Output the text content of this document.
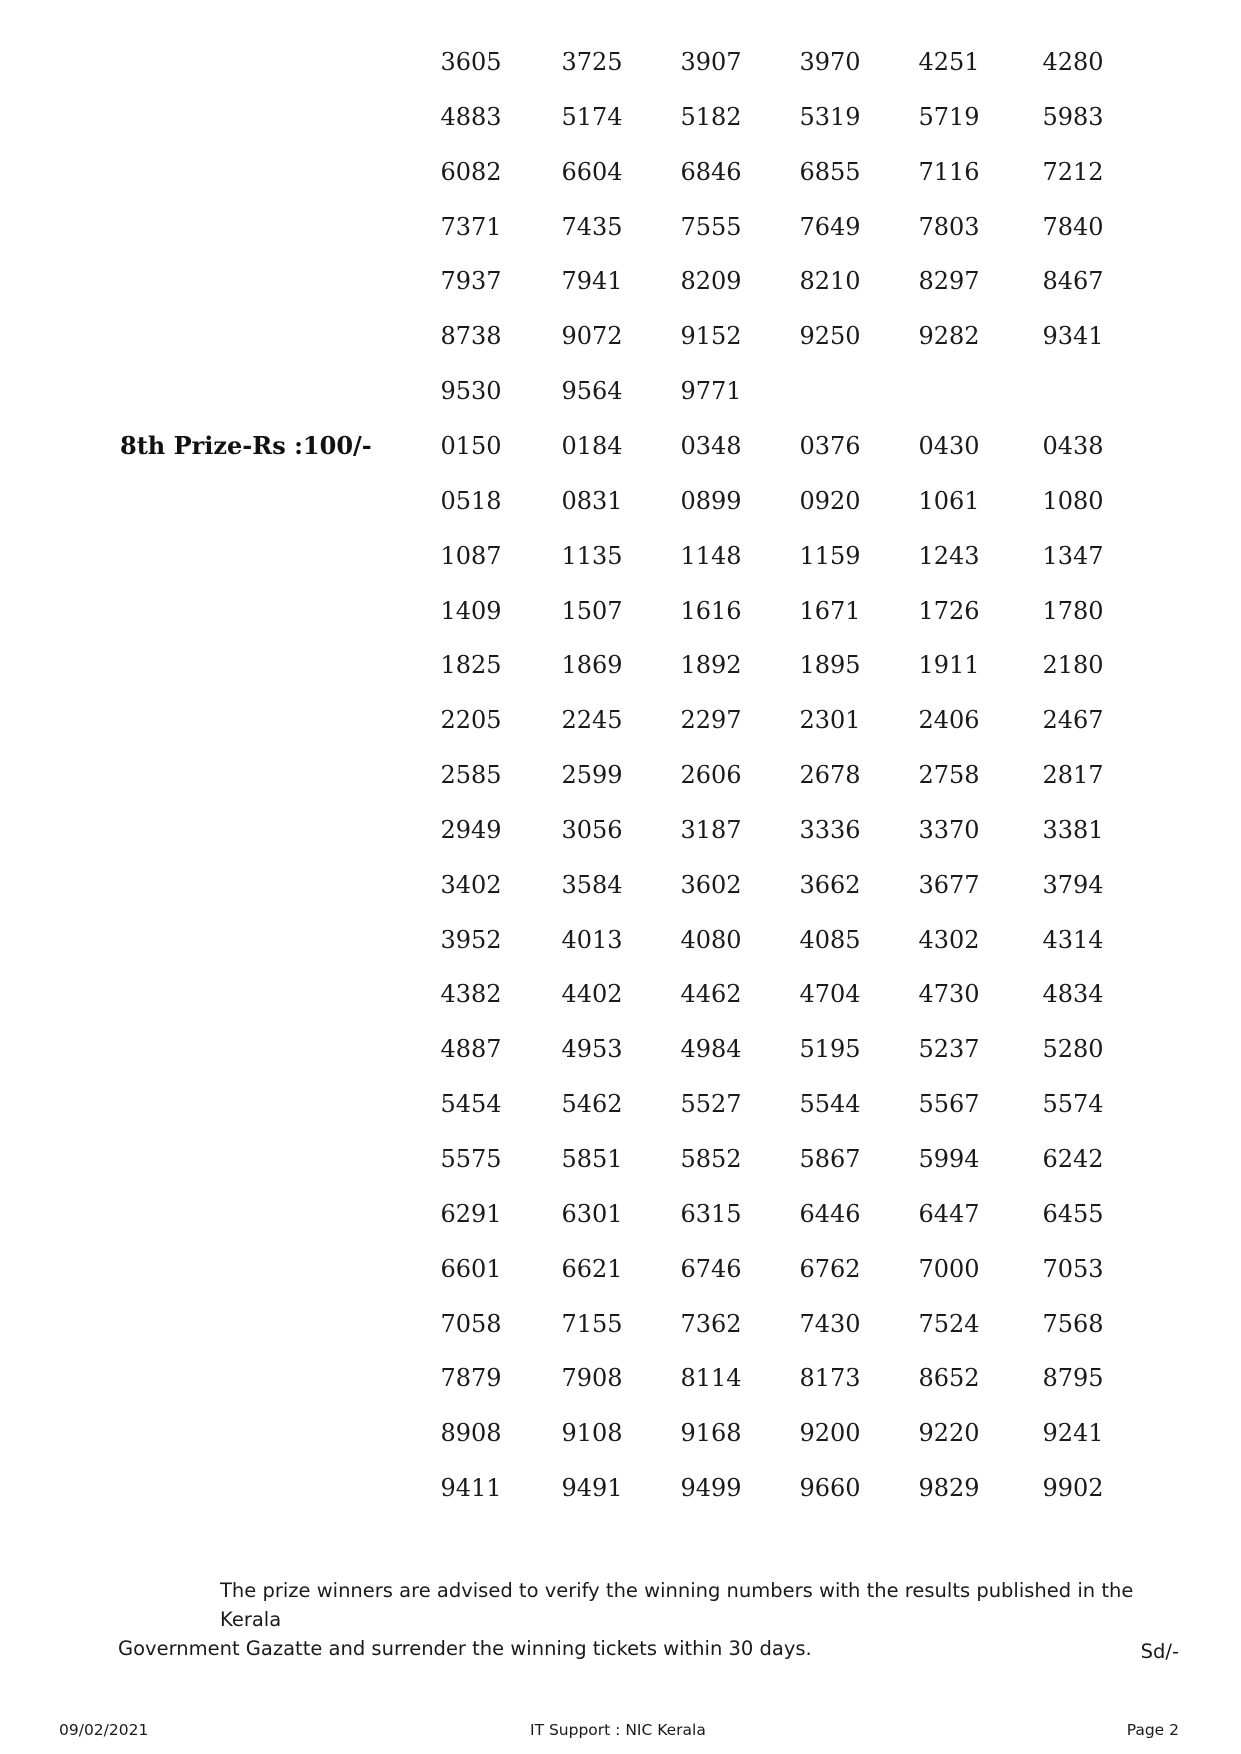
3605	3725	3907	3970	4251	4280
4883	5174	5182	5319	5719	5983
6082	6604	6846	6855	7116	7212
7371	7435	7555	7649	7803	7840
7937	7941	8209	8210	8297	8467
8738	9072	9152	9250	9282	9341
9530	9564	9771
8th Prize-Rs :100/-	0150	0184	0348	0376	0430	0438
0518	0831	0899	0920	1061	1080
1087	1135	1148	1159	1243	1347
1409	1507	1616	1671	1726	1780
1825	1869	1892	1895	1911	2180
2205	2245	2297	2301	2406	2467
2585	2599	2606	2678	2758	2817
2949	3056	3187	3336	3370	3381
3402	3584	3602	3662	3677	3794
3952	4013	4080	4085	4302	4314
4382	4402	4462	4704	4730	4834
4887	4953	4984	5195	5237	5280
5454	5462	5527	5544	5567	5574
5575	5851	5852	5867	5994	6242
6291	6301	6315	6446	6447	6455
6601	6621	6746	6762	7000	7053
7058	7155	7362	7430	7524	7568
7879	7908	8114	8173	8652	8795
8908	9108	9168	9200	9220	9241
9411	9491	9499	9660	9829	9902
The prize winners are advised to verify the winning numbers with the results published in the Kerala
Government Gazatte and surrender the winning tickets within 30 days.	Sd/-
09/02/2021	IT Support : NIC Kerala	Page 2
